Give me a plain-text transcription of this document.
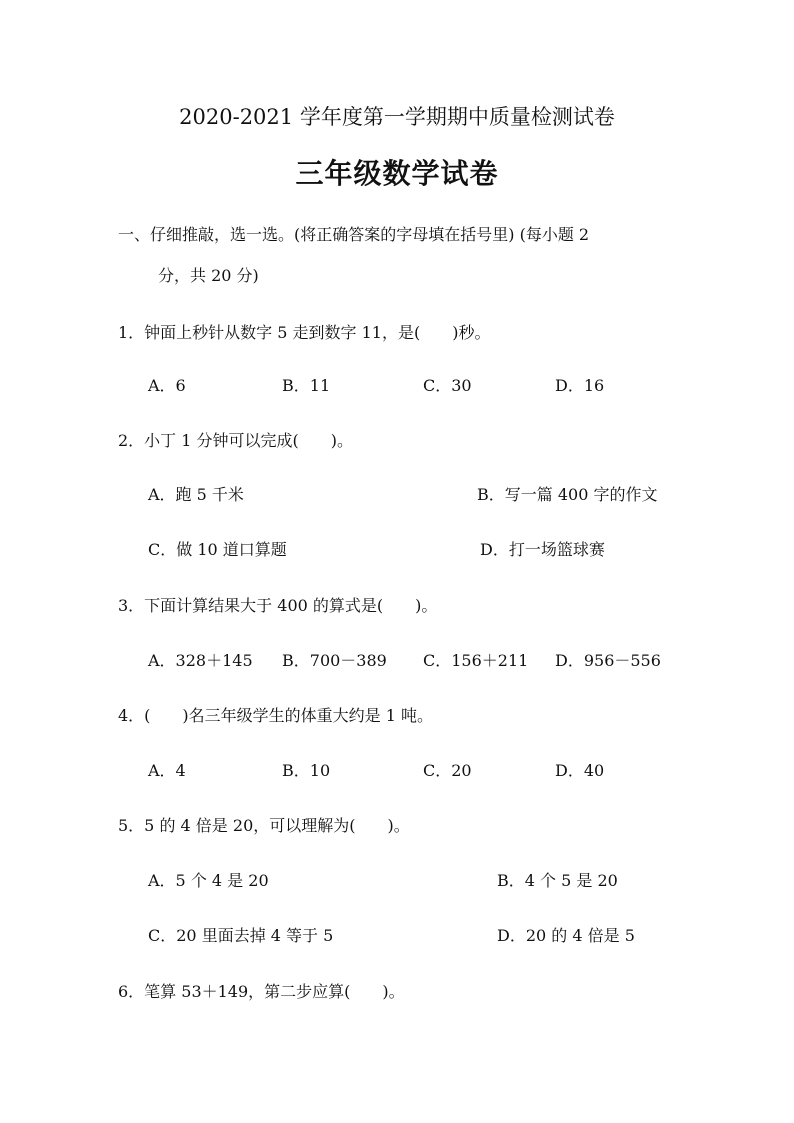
2020-2021 学年度第一学期期中质量检测试卷
三年级数学试卷
一、仔细推敲，选一选。(将正确答案的字母填在括号里) (每小题 2
分，共 20 分)
1．钟面上秒针从数字 5 走到数字 11，是(　　)秒。
A．6	B．11	C．30	D．16
2．小丁 1 分钟可以完成(　　)。
A．跑 5 千米	B．写一篇 400 字的作文
C．做 10 道口算题	D．打一场篮球赛
3．下面计算结果大于 400 的算式是(　　)。
A．328＋145 B．700－389 C．156＋211 D．956－556
4．(　　)名三年级学生的体重大约是 1 吨。
A．4	B．10	C．20	D．40
5．5 的 4 倍是 20，可以理解为(　　)。
A．5 个 4 是 20	B．4 个 5 是 20
C．20 里面去掉 4 等于 5	D．20 的 4 倍是 5
6．笔算 53＋149，第二步应算(　　)。
